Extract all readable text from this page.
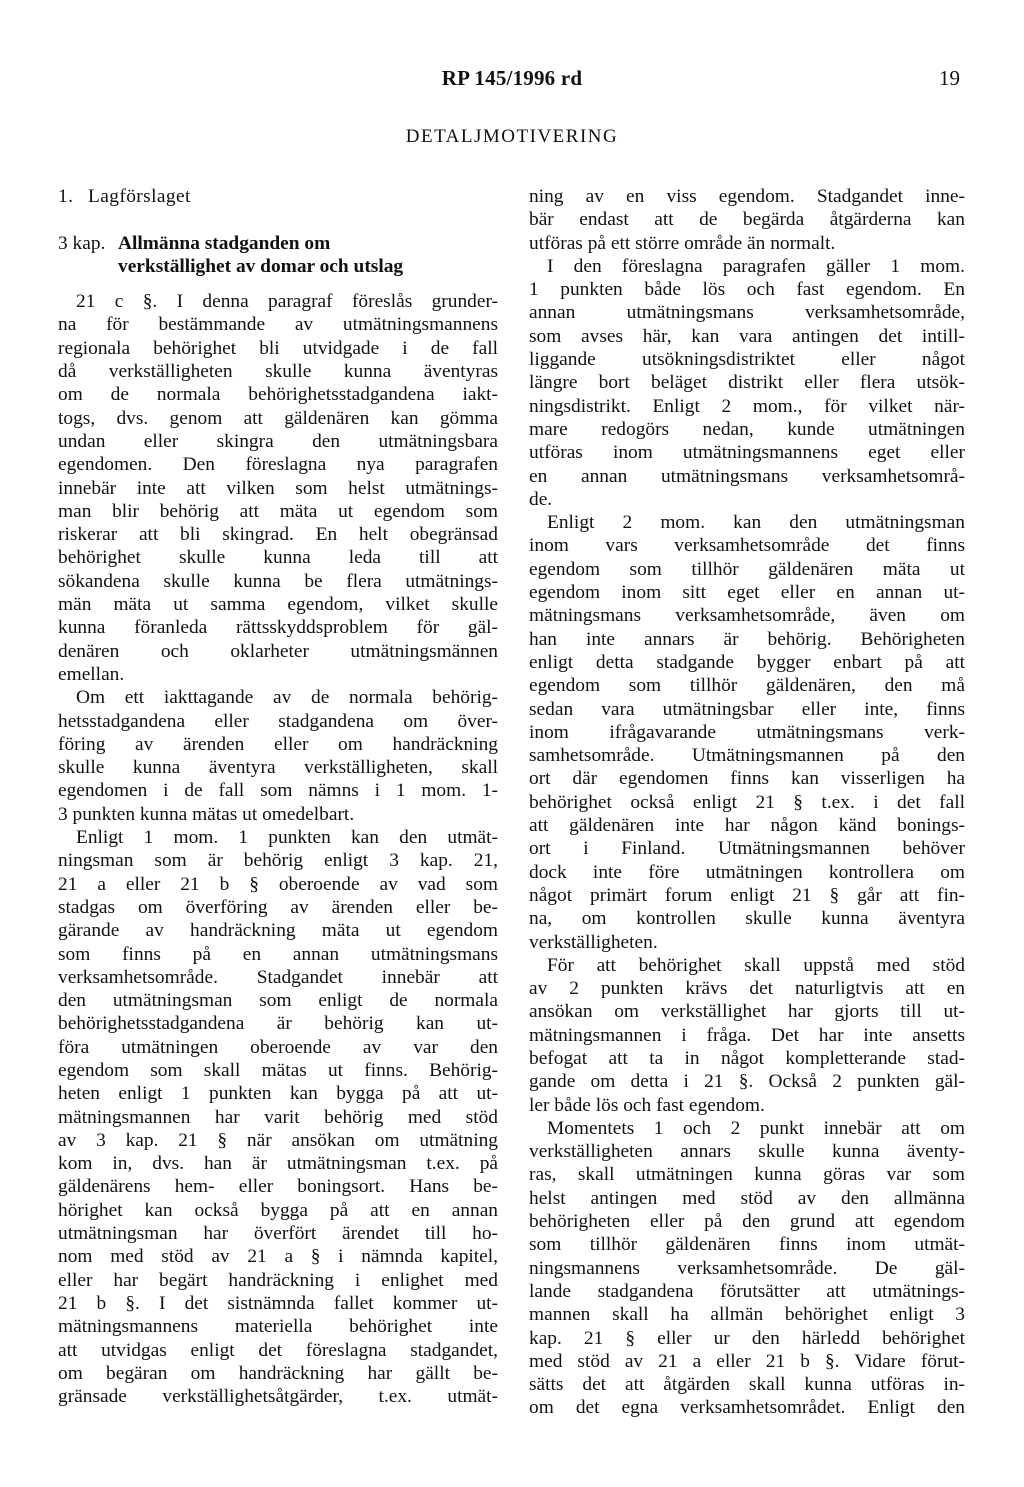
RP 145/1996 rd	19
DETALJMOTIVERING
1. Lagförslaget
3 kap. Allmänna stadganden om
verkställighet av domar och utslag
21 c §. I denna paragraf föreslås grunder-
na för bestämmande av utmätningsmannens
regionala behörighet bli utvidgade i de fall
då verkställigheten skulle kunna äventyras
om de normala behörighetsstadgandena iakt-
togs, dvs. genom att gäldenären kan gömma
undan eller skingra den utmätningsbara
egendomen. Den föreslagna nya paragrafen
innebär inte att vilken som helst utmätnings-
man blir behörig att mäta ut egendom som
riskerar att bli skingrad. En helt obegränsad
behörighet skulle kunna leda till att
sökandena skulle kunna be flera utmätnings-
män mäta ut samma egendom, vilket skulle
kunna föranleda rättsskyddsproblem för gäl-
denären och oklarheter utmätningsmännen
emellan.
Om ett iakttagande av de normala behörig-
hetsstadgandena eller stadgandena om över-
föring av ärenden eller om handräckning
skulle kunna äventyra verkställigheten, skall
egendomen i de fall som nämns i 1 mom. 1-
3 punkten kunna mätas ut omedelbart.
Enligt 1 mom. 1 punkten kan den utmät-
ningsman som är behörig enligt 3 kap. 21,
21 a eller 21 b § oberoende av vad som
stadgas om överföring av ärenden eller be-
gärande av handräckning mäta ut egendom
som finns på en annan utmätningsmans
verksamhetsområde. Stadgandet innebär att
den utmätningsman som enligt de normala
behörighetsstadgandena är behörig kan ut-
föra utmätningen oberoende av var den
egendom som skall mätas ut finns. Behörig-
heten enligt 1 punkten kan bygga på att ut-
mätningsmannen har varit behörig med stöd
av 3 kap. 21 § när ansökan om utmätning
kom in, dvs. han är utmätningsman t.ex. på
gäldenärens hem- eller boningsort. Hans be-
hörighet kan också bygga på att en annan
utmätningsman har överfört ärendet till ho-
nom med stöd av 21 a § i nämnda kapitel,
eller har begärt handräckning i enlighet med
21 b §. I det sistnämnda fallet kommer ut-
mätningsmannens materiella behörighet inte
att utvidgas enligt det föreslagna stadgandet,
om begäran om handräckning har gällt be-
gränsade verkställighetsåtgärder, t.ex. utmät-
ning av en viss egendom. Stadgandet inne-
bär endast att de begärda åtgärderna kan
utföras på ett större område än normalt.
I den föreslagna paragrafen gäller 1 mom.
1 punkten både lös och fast egendom. En
annan utmätningsmans verksamhetsområde,
som avses här, kan vara antingen det intill-
liggande utsökningsdistriktet eller något
längre bort beläget distrikt eller flera utsök-
ningsdistrikt. Enligt 2 mom., för vilket när-
mare redogörs nedan, kunde utmätningen
utföras inom utmätningsmannens eget eller
en annan utmätningsmans verksamhetsområ-
de.
Enligt 2 mom. kan den utmätningsman
inom vars verksamhetsområde det finns
egendom som tillhör gäldenären mäta ut
egendom inom sitt eget eller en annan ut-
mätningsmans verksamhetsområde, även om
han inte annars är behörig. Behörigheten
enligt detta stadgande bygger enbart på att
egendom som tillhör gäldenären, den må
sedan vara utmätningsbar eller inte, finns
inom ifrågavarande utmätningsmans verk-
samhetsområde. Utmätningsmannen på den
ort där egendomen finns kan visserligen ha
behörighet också enligt 21 § t.ex. i det fall
att gäldenären inte har någon känd bonings-
ort i Finland. Utmätningsmannen behöver
dock inte före utmätningen kontrollera om
något primärt forum enligt 21 § går att fin-
na, om kontrollen skulle kunna äventyra
verkställigheten.
För att behörighet skall uppstå med stöd
av 2 punkten krävs det naturligtvis att en
ansökan om verkställighet har gjorts till ut-
mätningsmannen i fråga. Det har inte ansetts
befogat att ta in något kompletterande stad-
gande om detta i 21 §. Också 2 punkten gäl-
ler både lös och fast egendom.
Momentets 1 och 2 punkt innebär att om
verkställigheten annars skulle kunna äventy-
ras, skall utmätningen kunna göras var som
helst antingen med stöd av den allmänna
behörigheten eller på den grund att egendom
som tillhör gäldenären finns inom utmät-
ningsmannens verksamhetsområde. De gäl-
lande stadgandena förutsätter att utmätnings-
mannen skall ha allmän behörighet enligt 3
kap. 21 § eller ur den härledd behörighet
med stöd av 21 a eller 21 b §. Vidare förut-
sätts det att åtgärden skall kunna utföras in-
om det egna verksamhetsområdet. Enligt den
